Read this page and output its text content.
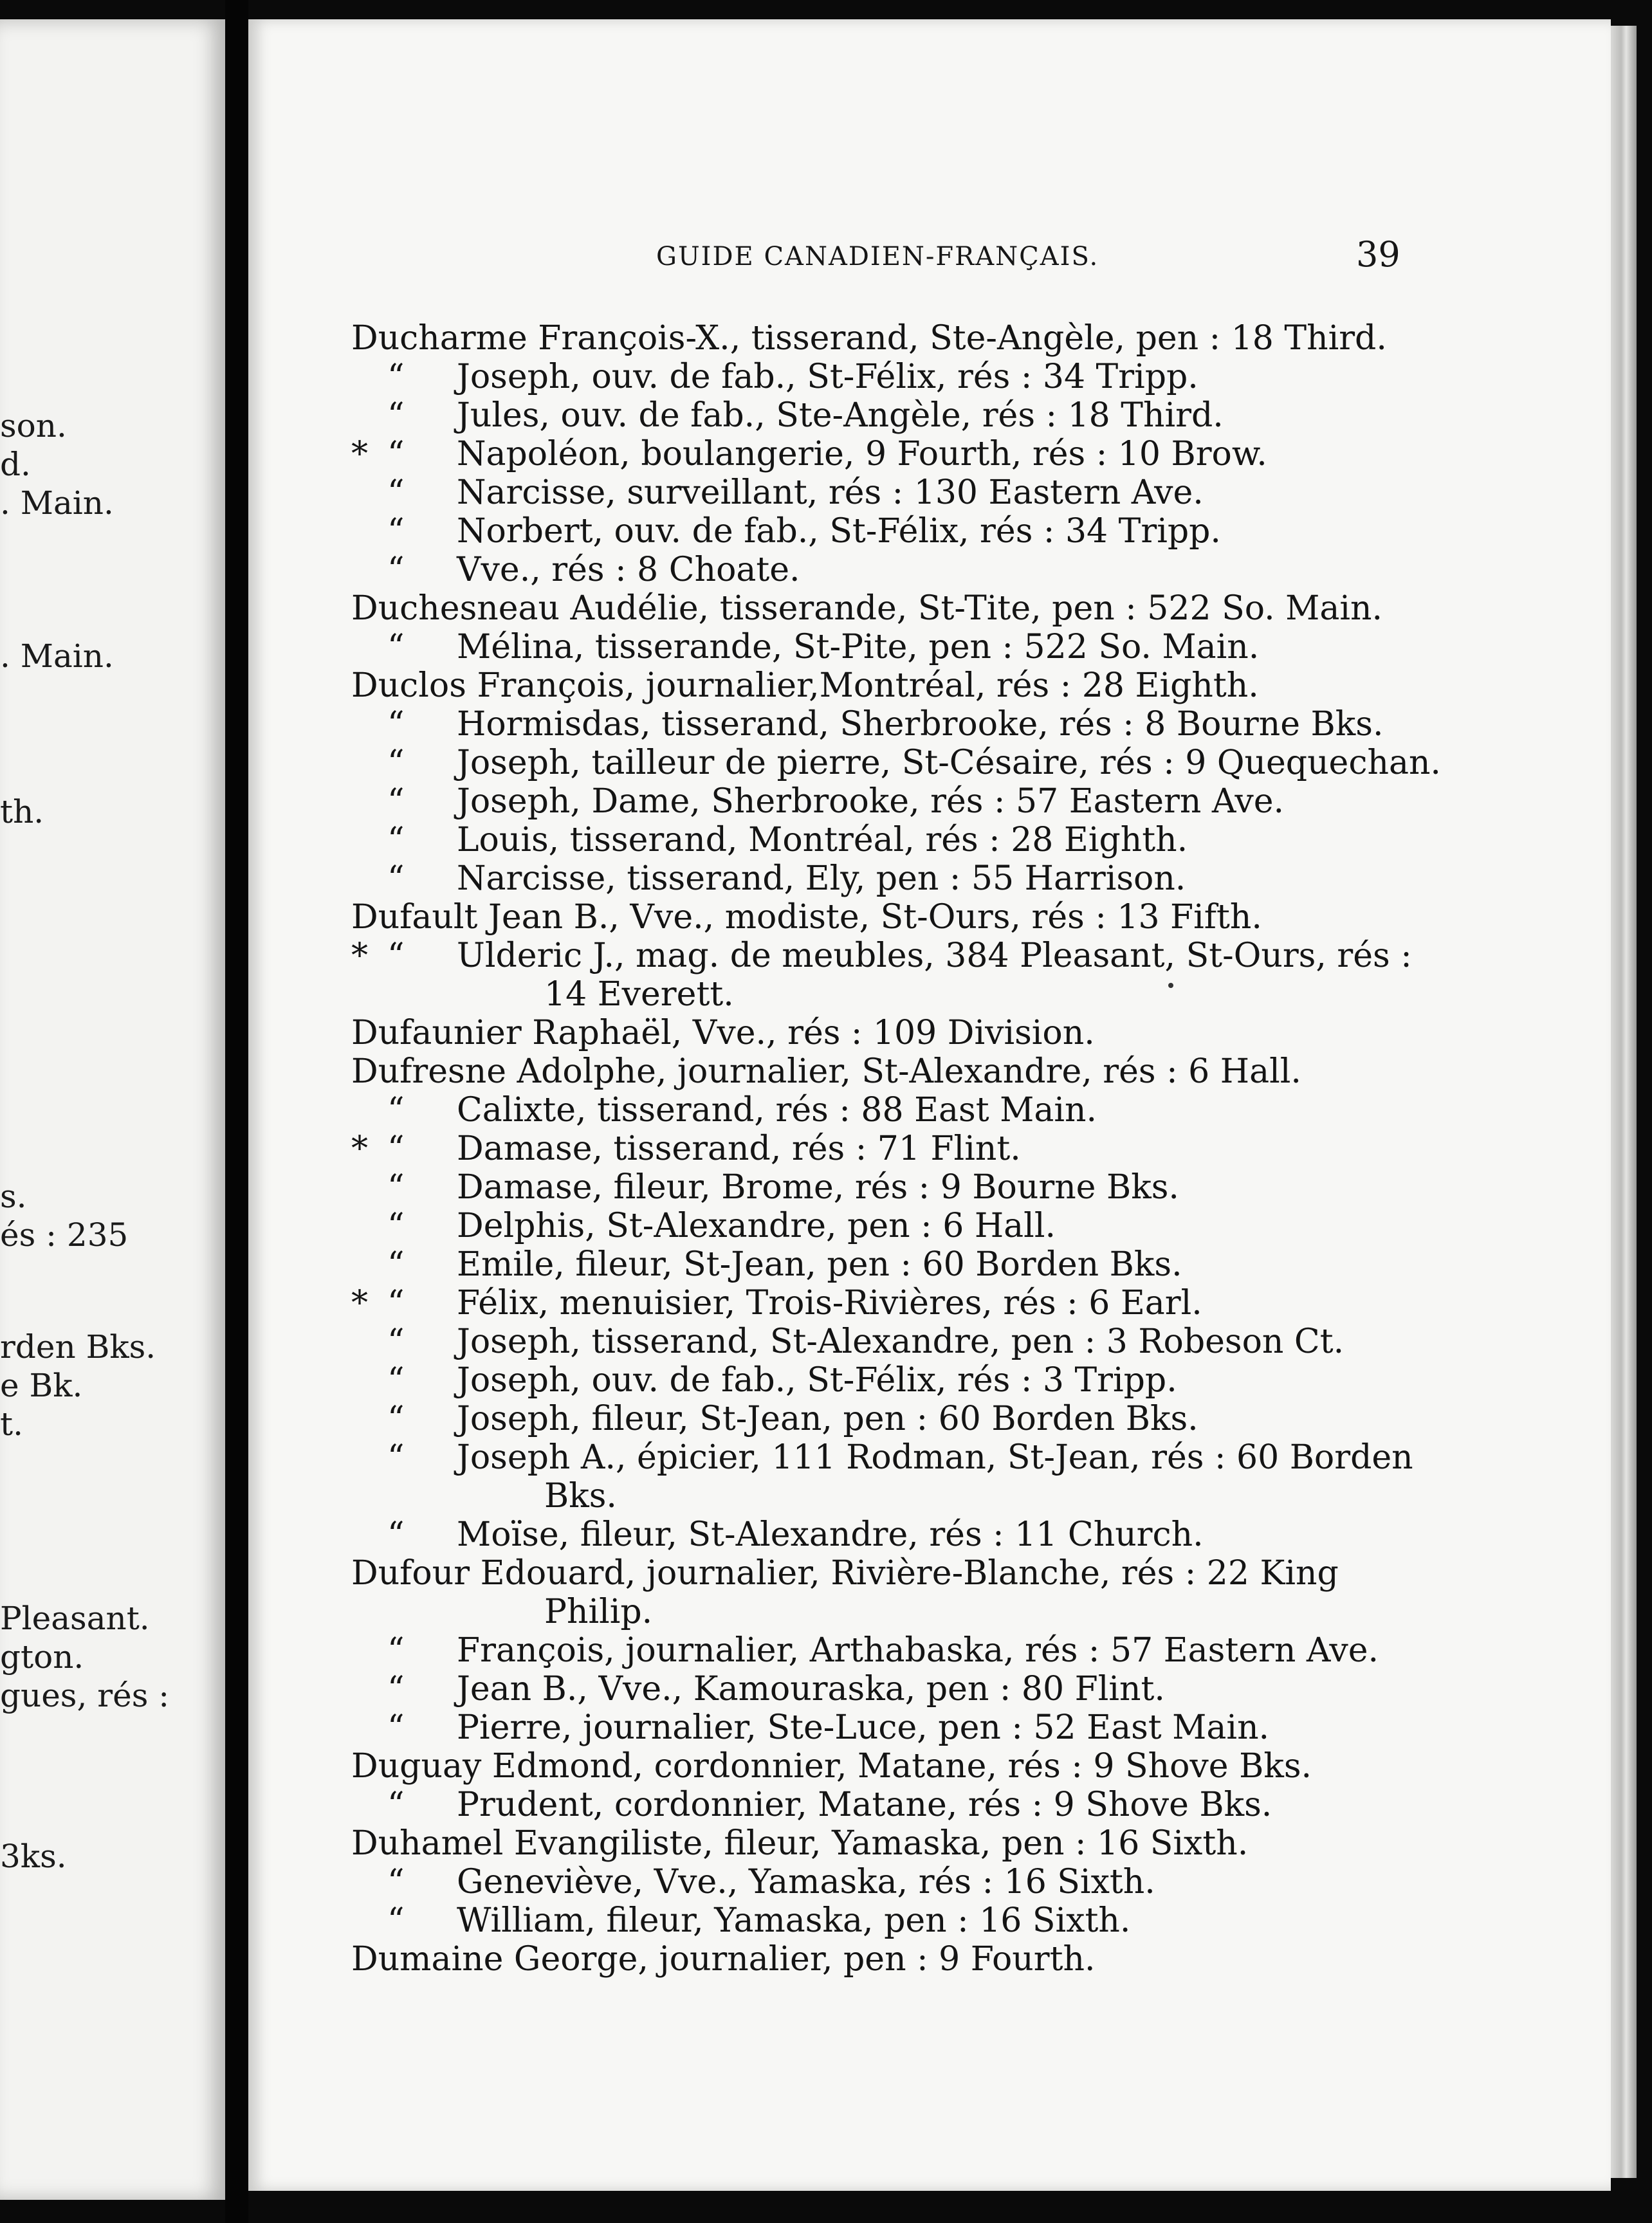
son.
d.
. Main.
. Main.
th.
s.
és : 235
rden Bks.
e Bk.
t.
Pleasant.
gton.
gues, rés :
3ks.
GUIDE CANADIEN-FRANÇAIS.	39
Ducharme François-X., tisserand, Ste-Angèle, pen : 18 Third.
“ Joseph, ouv. de fab., St-Félix, rés : 34 Tripp.
“ Jules, ouv. de fab., Ste-Angèle, rés : 18 Third.
* “ Napoléon, boulangerie, 9 Fourth, rés : 10 Brow.
“ Narcisse, surveillant, rés : 130 Eastern Ave.
“ Norbert, ouv. de fab., St-Félix, rés : 34 Tripp.
“ Vve., rés : 8 Choate.
Duchesneau Audélie, tisserande, St-Tite, pen : 522 So. Main.
“ Mélina, tisserande, St-Pite, pen : 522 So. Main.
Duclos François, journalier,Montréal, rés : 28 Eighth.
“ Hormisdas, tisserand, Sherbrooke, rés : 8 Bourne Bks.
“ Joseph, tailleur de pierre, St-Césaire, rés : 9 Quequechan.
“ Joseph, Dame, Sherbrooke, rés : 57 Eastern Ave.
“ Louis, tisserand, Montréal, rés : 28 Eighth.
“ Narcisse, tisserand, Ely, pen : 55 Harrison.
Dufault Jean B., Vve., modiste, St-Ours, rés : 13 Fifth.
* “ Ulderic J., mag. de meubles, 384 Pleasant, St-Ours, rés :
14 Everett.
Dufaunier Raphaël, Vve., rés : 109 Division.
Dufresne Adolphe, journalier, St-Alexandre, rés : 6 Hall.
“ Calixte, tisserand, rés : 88 East Main.
* “ Damase, tisserand, rés : 71 Flint.
“ Damase, fileur, Brome, rés : 9 Bourne Bks.
“ Delphis, St-Alexandre, pen : 6 Hall.
“ Emile, fileur, St-Jean, pen : 60 Borden Bks.
* “ Félix, menuisier, Trois-Rivières, rés : 6 Earl.
“ Joseph, tisserand, St-Alexandre, pen : 3 Robeson Ct.
“ Joseph, ouv. de fab., St-Félix, rés : 3 Tripp.
“ Joseph, fileur, St-Jean, pen : 60 Borden Bks.
“ Joseph A., épicier, 111 Rodman, St-Jean, rés : 60 Borden
Bks.
“ Moïse, fileur, St-Alexandre, rés : 11 Church.
Dufour Edouard, journalier, Rivière-Blanche, rés : 22 King
Philip.
“ François, journalier, Arthabaska, rés : 57 Eastern Ave.
“ Jean B., Vve., Kamouraska, pen : 80 Flint.
“ Pierre, journalier, Ste-Luce, pen : 52 East Main.
Duguay Edmond, cordonnier, Matane, rés : 9 Shove Bks.
“ Prudent, cordonnier, Matane, rés : 9 Shove Bks.
Duhamel Evangiliste, fileur, Yamaska, pen : 16 Sixth.
“ Geneviève, Vve., Yamaska, rés : 16 Sixth.
“ William, fileur, Yamaska, pen : 16 Sixth.
Dumaine George, journalier, pen : 9 Fourth.
